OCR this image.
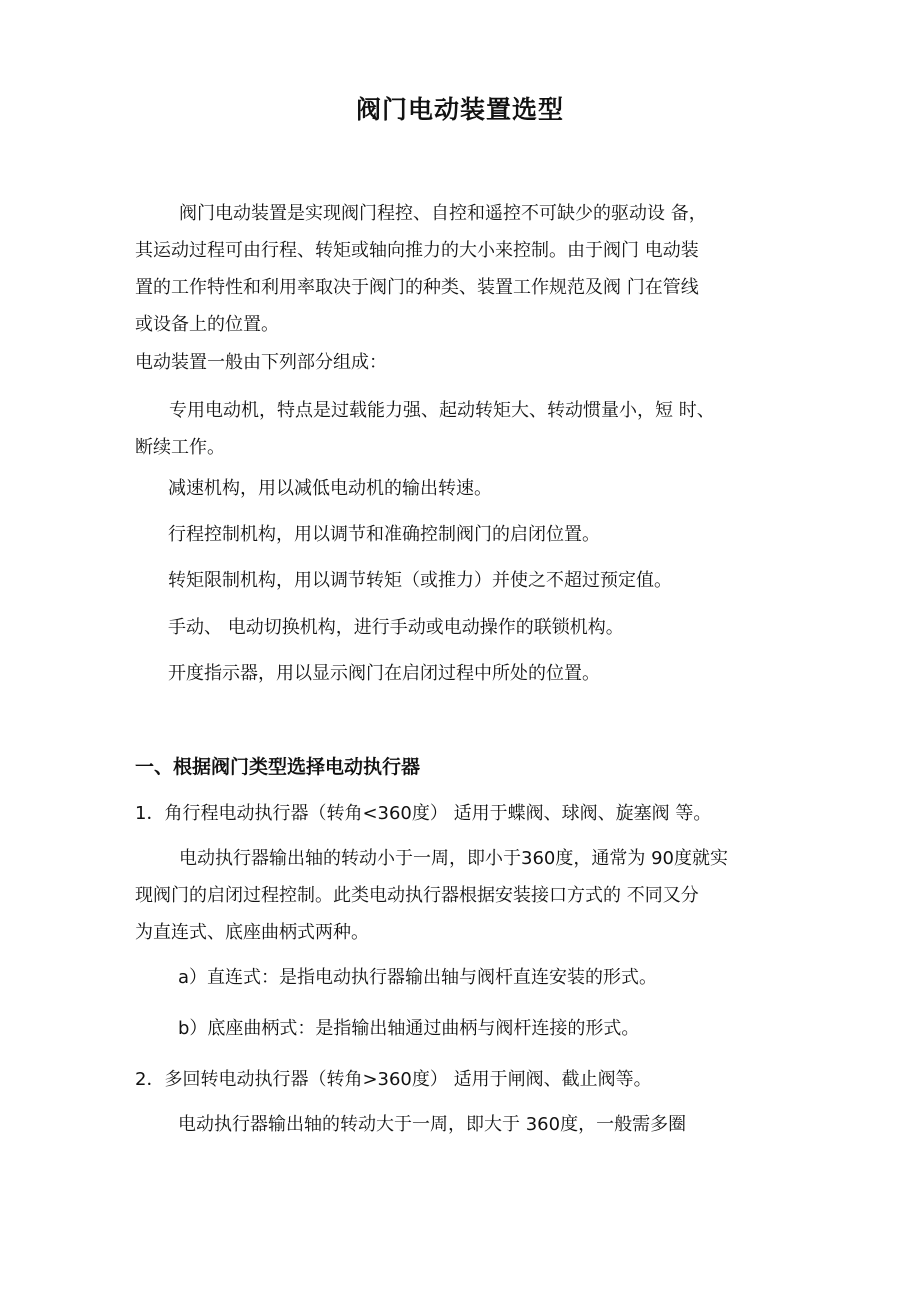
阀门电动装置选型
阀门电动装置是实现阀门程控、自控和遥控不可缺少的驱动设 备，
其运动过程可由行程、转矩或轴向推力的大小来控制。由于阀门 电动装
置的工作特性和利用率取决于阀门的种类、装置工作规范及阀 门在管线
或设备上的位置。
电动装置一般由下列部分组成：
专用电动机，特点是过载能力强、起动转矩大、转动惯量小，短 时、
断续工作。
减速机构，用以减低电动机的输出转速。
行程控制机构，用以调节和准确控制阀门的启闭位置。
转矩限制机构，用以调节转矩（或推力）并使之不超过预定值。
手动、 电动切换机构，进行手动或电动操作的联锁机构。
开度指示器，用以显示阀门在启闭过程中所处的位置。
一、根据阀门类型选择电动执行器
1．角行程电动执行器（转角<360度） 适用于蝶阀、球阀、旋塞阀 等。
电动执行器输出轴的转动小于一周，即小于360度，通常为 90度就实
现阀门的启闭过程控制。此类电动执行器根据安装接口方式的 不同又分
为直连式、底座曲柄式两种。
a）直连式：是指电动执行器输出轴与阀杆直连安装的形式。
b）底座曲柄式：是指输出轴通过曲柄与阀杆连接的形式。
2．多回转电动执行器（转角>360度） 适用于闸阀、截止阀等。
电动执行器输出轴的转动大于一周，即大于 360度，一般需多圈
